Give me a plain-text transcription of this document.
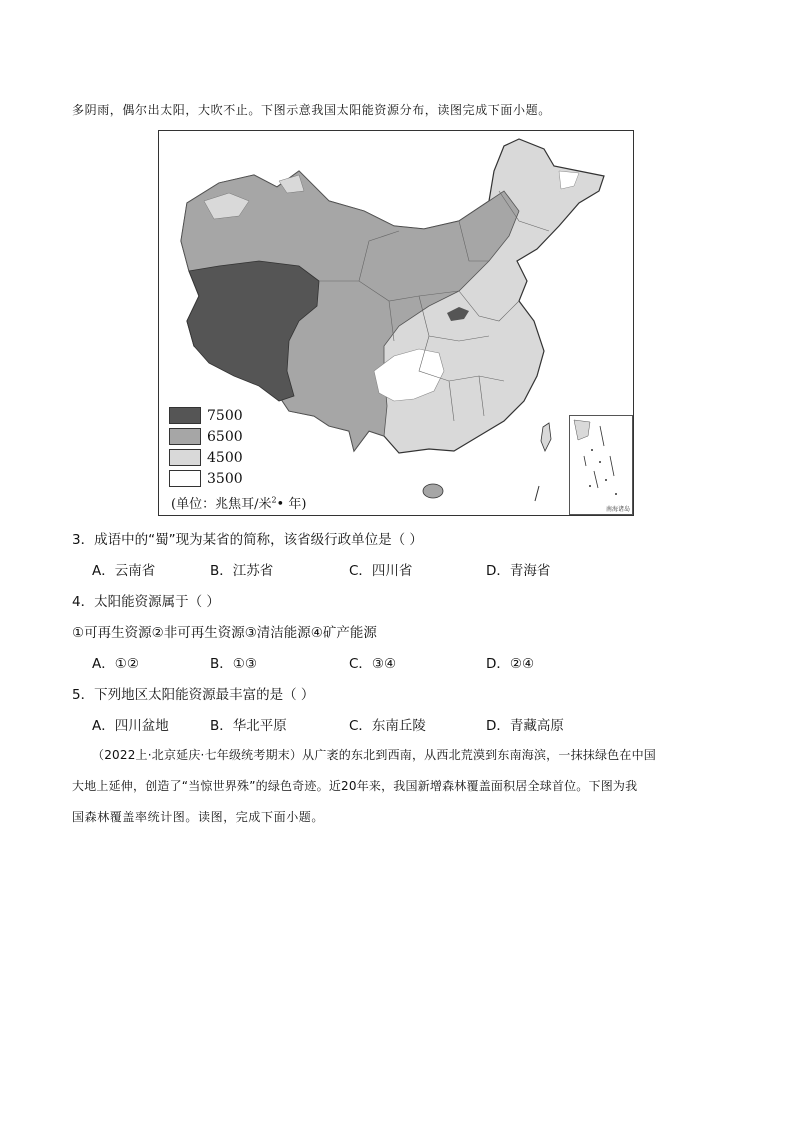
多阴雨，偶尔出太阳，大吹不止。下图示意我国太阳能资源分布，读图完成下面小题。
7500
6500
4500
3500
(单位：兆焦耳/米$^2$• 年)	南海诸岛
3．成语中的“蜀”现为某省的简称，该省级行政单位是（ ）
A．云南省	B．江苏省	C．四川省	D．青海省
4．太阳能资源属于（ ）
①可再生资源②非可再生资源③清洁能源④矿产能源
A．①②	B．①③	C．③④	D．②④
5．下列地区太阳能资源最丰富的是（ ）
A．四川盆地	B．华北平原	C．东南丘陵	D．青藏高原
（2022上·北京延庆·七年级统考期末）从广袤的东北到西南，从西北荒漠到东南海滨，一抹抹绿色在中国
大地上延伸，创造了“当惊世界殊”的绿色奇迹。近20年来，我国新增森林覆盖面积居全球首位。下图为我
国森林覆盖率统计图。读图，完成下面小题。
